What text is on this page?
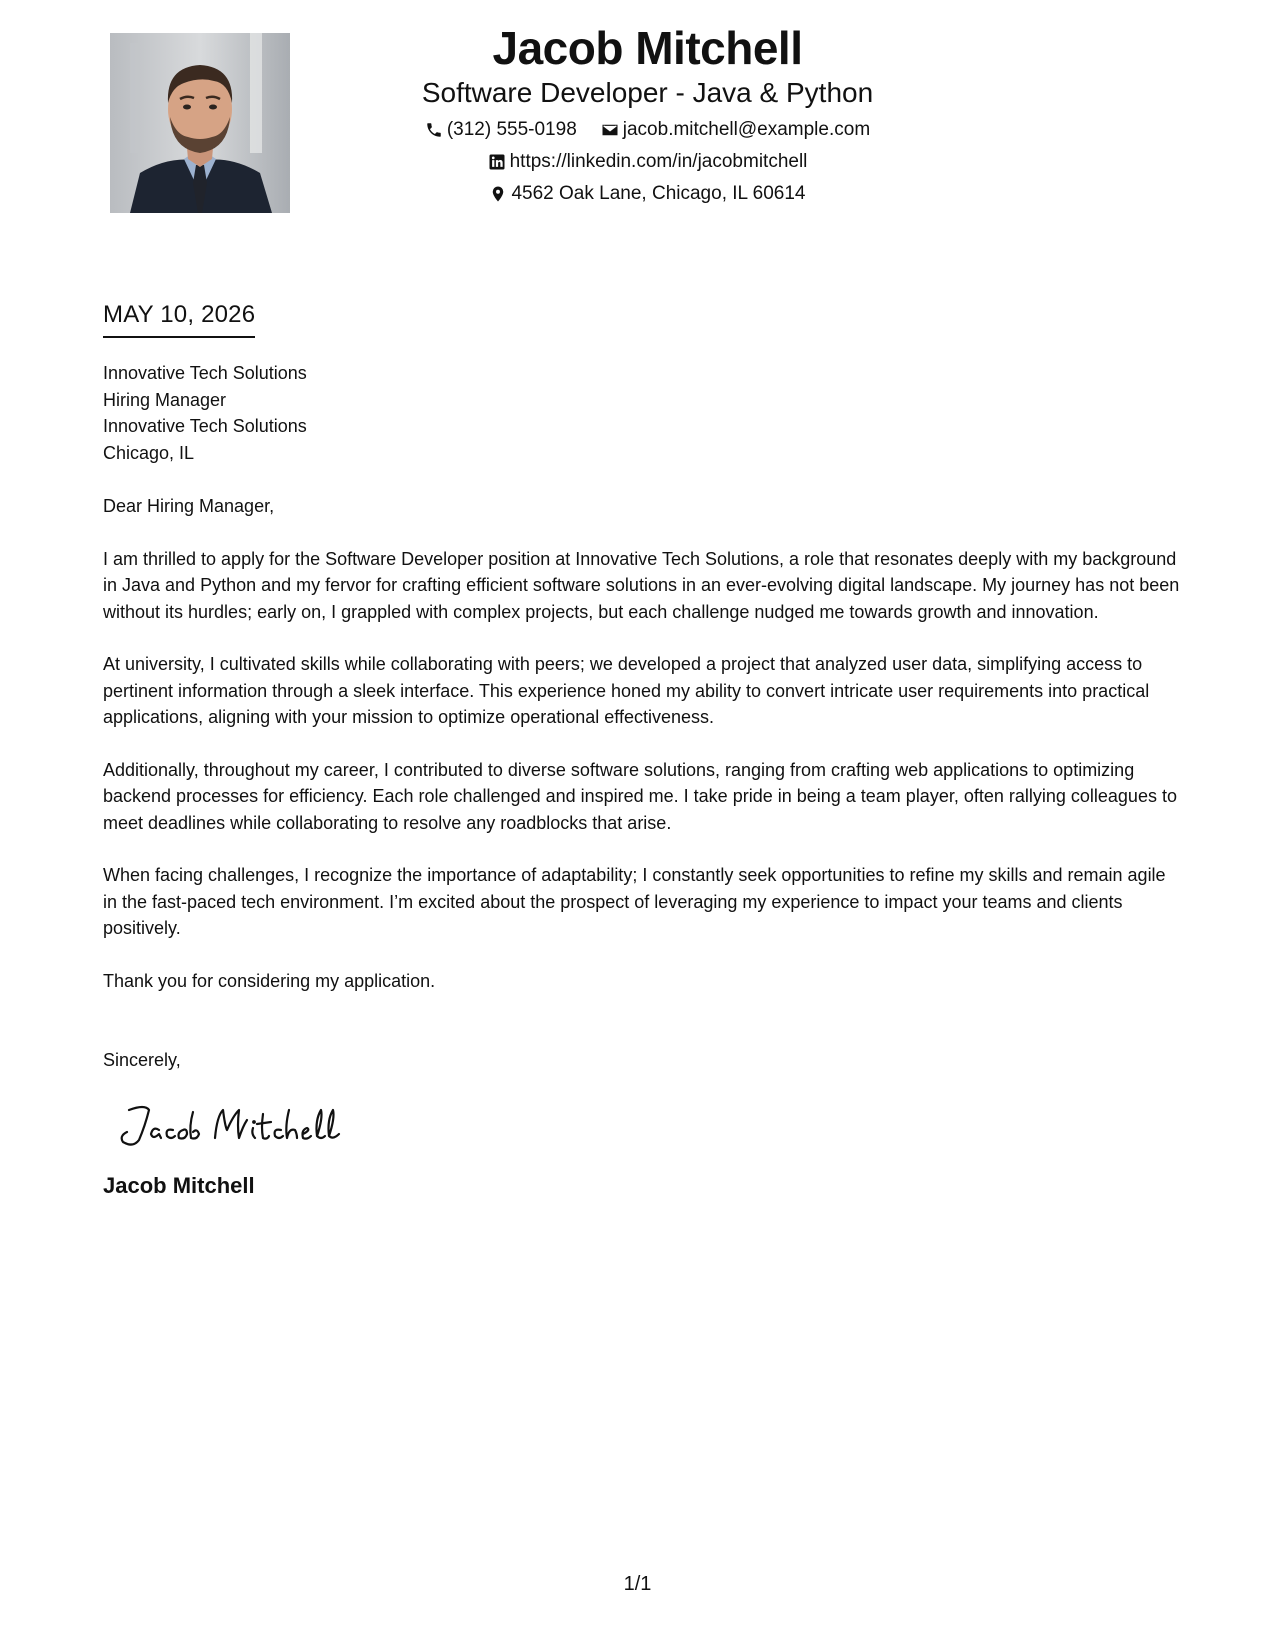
Jacob Mitchell
Software Developer - Java & Python
(312) 555-0198 jacob.mitchell@example.com
https://linkedin.com/in/jacobmitchell
4562 Oak Lane, Chicago, IL 60614
MAY 10, 2026
Innovative Tech Solutions
Hiring Manager
Innovative Tech Solutions
Chicago, IL

Dear Hiring Manager,

I am thrilled to apply for the Software Developer position at Innovative Tech Solutions, a role that resonates deeply with my background in Java and Python and my fervor for crafting efficient software solutions in an ever-evolving digital landscape. My journey has not been without its hurdles; early on, I grappled with complex projects, but each challenge nudged me towards growth and innovation.

At university, I cultivated skills while collaborating with peers; we developed a project that analyzed user data, simplifying access to pertinent information through a sleek interface. This experience honed my ability to convert intricate user requirements into practical applications, aligning with your mission to optimize operational effectiveness.

Additionally, throughout my career, I contributed to diverse software solutions, ranging from crafting web applications to optimizing backend processes for efficiency. Each role challenged and inspired me. I take pride in being a team player, often rallying colleagues to meet deadlines while collaborating to resolve any roadblocks that arise.

When facing challenges, I recognize the importance of adaptability; I constantly seek opportunities to refine my skills and remain agile in the fast-paced tech environment. I’m excited about the prospect of leveraging my experience to impact your teams and clients positively.

Thank you for considering my application.

Sincerely,

Jacob Mitchell
1/1
